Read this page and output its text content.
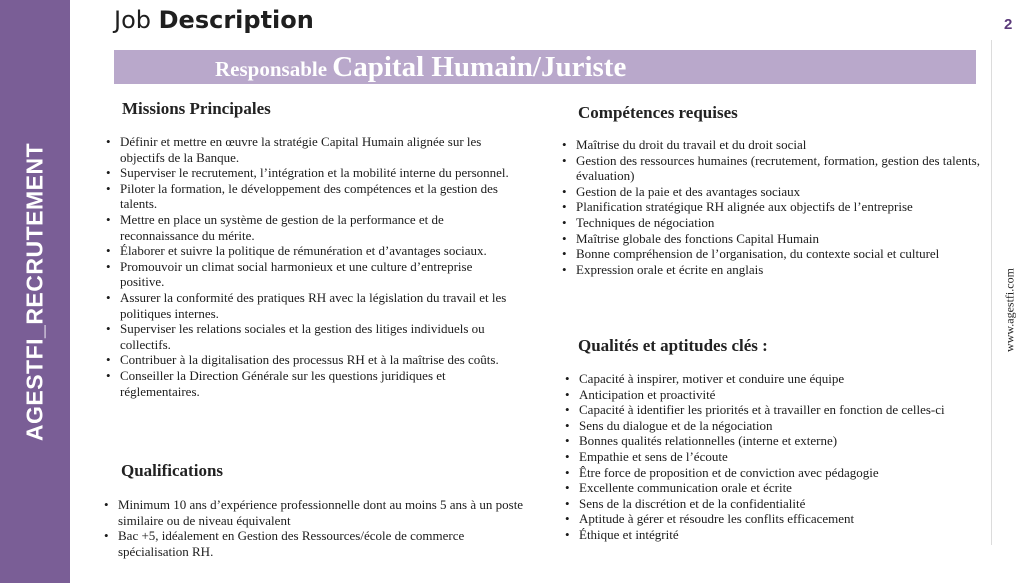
AGESTFI_RECRUTEMENT
Job Description	2
www.agestfi.com
Responsable Capital Humain/Juriste
Missions Principales
• Définir et mettre en œuvre la stratégie Capital Humain alignée sur les objectifs de la Banque.
• Superviser le recrutement, l’intégration et la mobilité interne du personnel.
• Piloter la formation, le développement des compétences et la gestion des talents.
• Mettre en place un système de gestion de la performance et de reconnaissance du mérite.
• Élaborer et suivre la politique de rémunération et d’avantages sociaux.
• Promouvoir un climat social harmonieux et une culture d’entreprise positive.
• Assurer la conformité des pratiques RH avec la législation du travail et les politiques internes.
• Superviser les relations sociales et la gestion des litiges individuels ou collectifs.
• Contribuer à la digitalisation des processus RH et à la maîtrise des coûts.
• Conseiller la Direction Générale sur les questions juridiques et réglementaires.
Qualifications
• Minimum 10 ans d’expérience professionnelle dont au moins 5 ans à un poste similaire ou de niveau équivalent
• Bac +5, idéalement en Gestion des Ressources/école de commerce spécialisation RH.
Compétences requises
• Maîtrise du droit du travail et du droit social
• Gestion des ressources humaines (recrutement, formation, gestion des talents, évaluation)
• Gestion de la paie et des avantages sociaux
• Planification stratégique RH alignée aux objectifs de l’entreprise
• Techniques de négociation
• Maîtrise globale des fonctions Capital Humain
• Bonne compréhension de l’organisation, du contexte social et culturel
• Expression orale et écrite en anglais
Qualités et aptitudes clés :
• Capacité à inspirer, motiver et conduire une équipe
• Anticipation et proactivité
• Capacité à identifier les priorités et à travailler en fonction de celles-ci
• Sens du dialogue et de la négociation
• Bonnes qualités relationnelles (interne et externe)
• Empathie et sens de l’écoute
• Être force de proposition et de conviction avec pédagogie
• Excellente communication orale et écrite
• Sens de la discrétion et de la confidentialité
• Aptitude à gérer et résoudre les conflits efficacement
• Éthique et intégrité
